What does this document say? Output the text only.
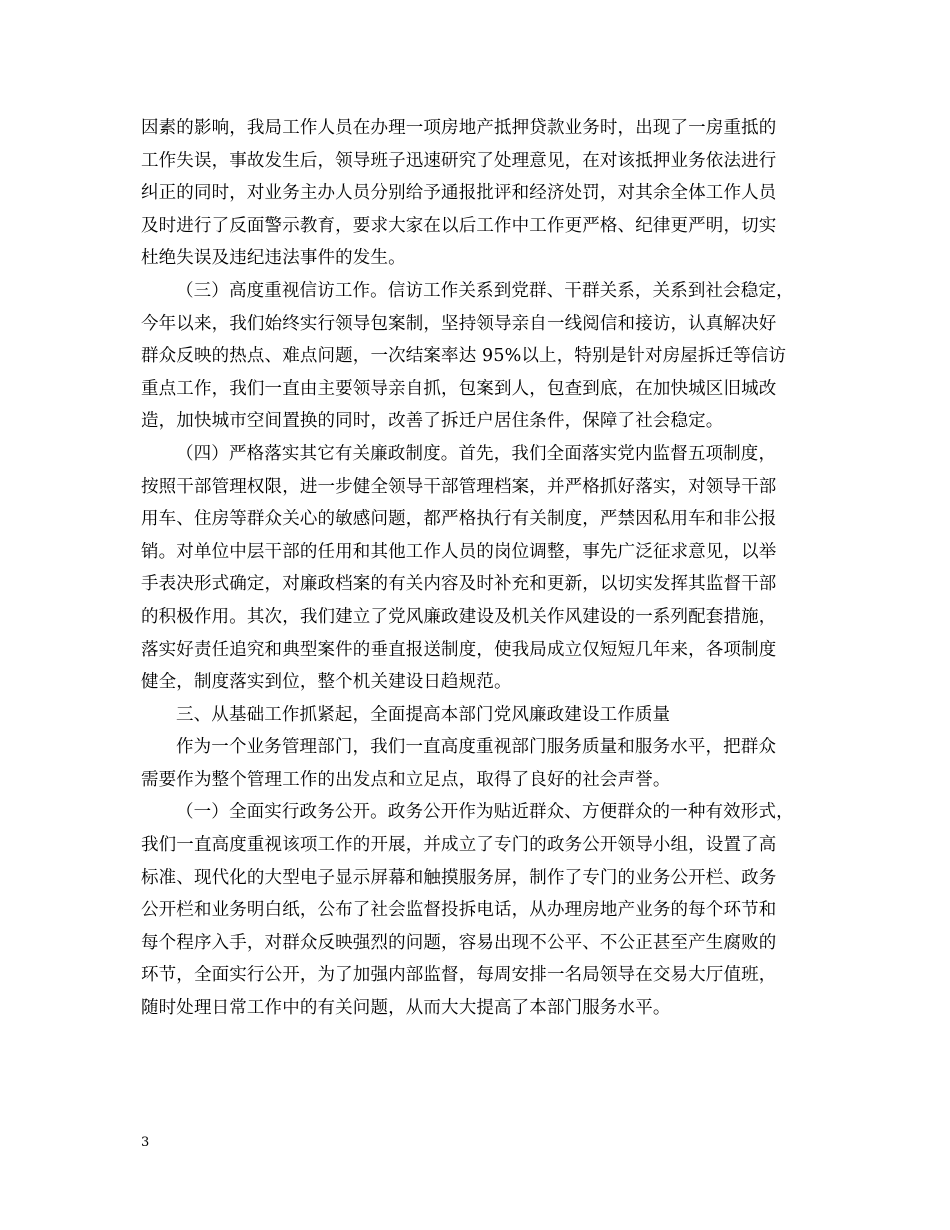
因素的影响，我局工作人员在办理一项房地产抵押贷款业务时，出现了一房重抵的
工作失误，事故发生后，领导班子迅速研究了处理意见，在对该抵押业务依法进行
纠正的同时，对业务主办人员分别给予通报批评和经济处罚，对其余全体工作人员
及时进行了反面警示教育，要求大家在以后工作中工作更严格、纪律更严明，切实
杜绝失误及违纪违法事件的发生。
（三）高度重视信访工作。信访工作关系到党群、干群关系，关系到社会稳定，
今年以来，我们始终实行领导包案制，坚持领导亲自一线阅信和接访，认真解决好
群众反映的热点、难点问题，一次结案率达 95%以上，特别是针对房屋拆迁等信访
重点工作，我们一直由主要领导亲自抓，包案到人，包查到底，在加快城区旧城改
造，加快城市空间置换的同时，改善了拆迁户居住条件，保障了社会稳定。
（四）严格落实其它有关廉政制度。首先，我们全面落实党内监督五项制度，
按照干部管理权限，进一步健全领导干部管理档案，并严格抓好落实，对领导干部
用车、住房等群众关心的敏感问题，都严格执行有关制度，严禁因私用车和非公报
销。对单位中层干部的任用和其他工作人员的岗位调整，事先广泛征求意见，以举
手表决形式确定，对廉政档案的有关内容及时补充和更新，以切实发挥其监督干部
的积极作用。其次，我们建立了党风廉政建设及机关作风建设的一系列配套措施，
落实好责任追究和典型案件的垂直报送制度，使我局成立仅短短几年来，各项制度
健全，制度落实到位，整个机关建设日趋规范。
三、从基础工作抓紧起，全面提高本部门党风廉政建设工作质量
作为一个业务管理部门，我们一直高度重视部门服务质量和服务水平，把群众
需要作为整个管理工作的出发点和立足点，取得了良好的社会声誉。
（一）全面实行政务公开。政务公开作为贴近群众、方便群众的一种有效形式，
我们一直高度重视该项工作的开展，并成立了专门的政务公开领导小组，设置了高
标准、现代化的大型电子显示屏幕和触摸服务屏，制作了专门的业务公开栏、政务
公开栏和业务明白纸，公布了社会监督投拆电话，从办理房地产业务的每个环节和
每个程序入手，对群众反映强烈的问题，容易出现不公平、不公正甚至产生腐败的
环节，全面实行公开，为了加强内部监督，每周安排一名局领导在交易大厅值班，
随时处理日常工作中的有关问题，从而大大提高了本部门服务水平。
3
